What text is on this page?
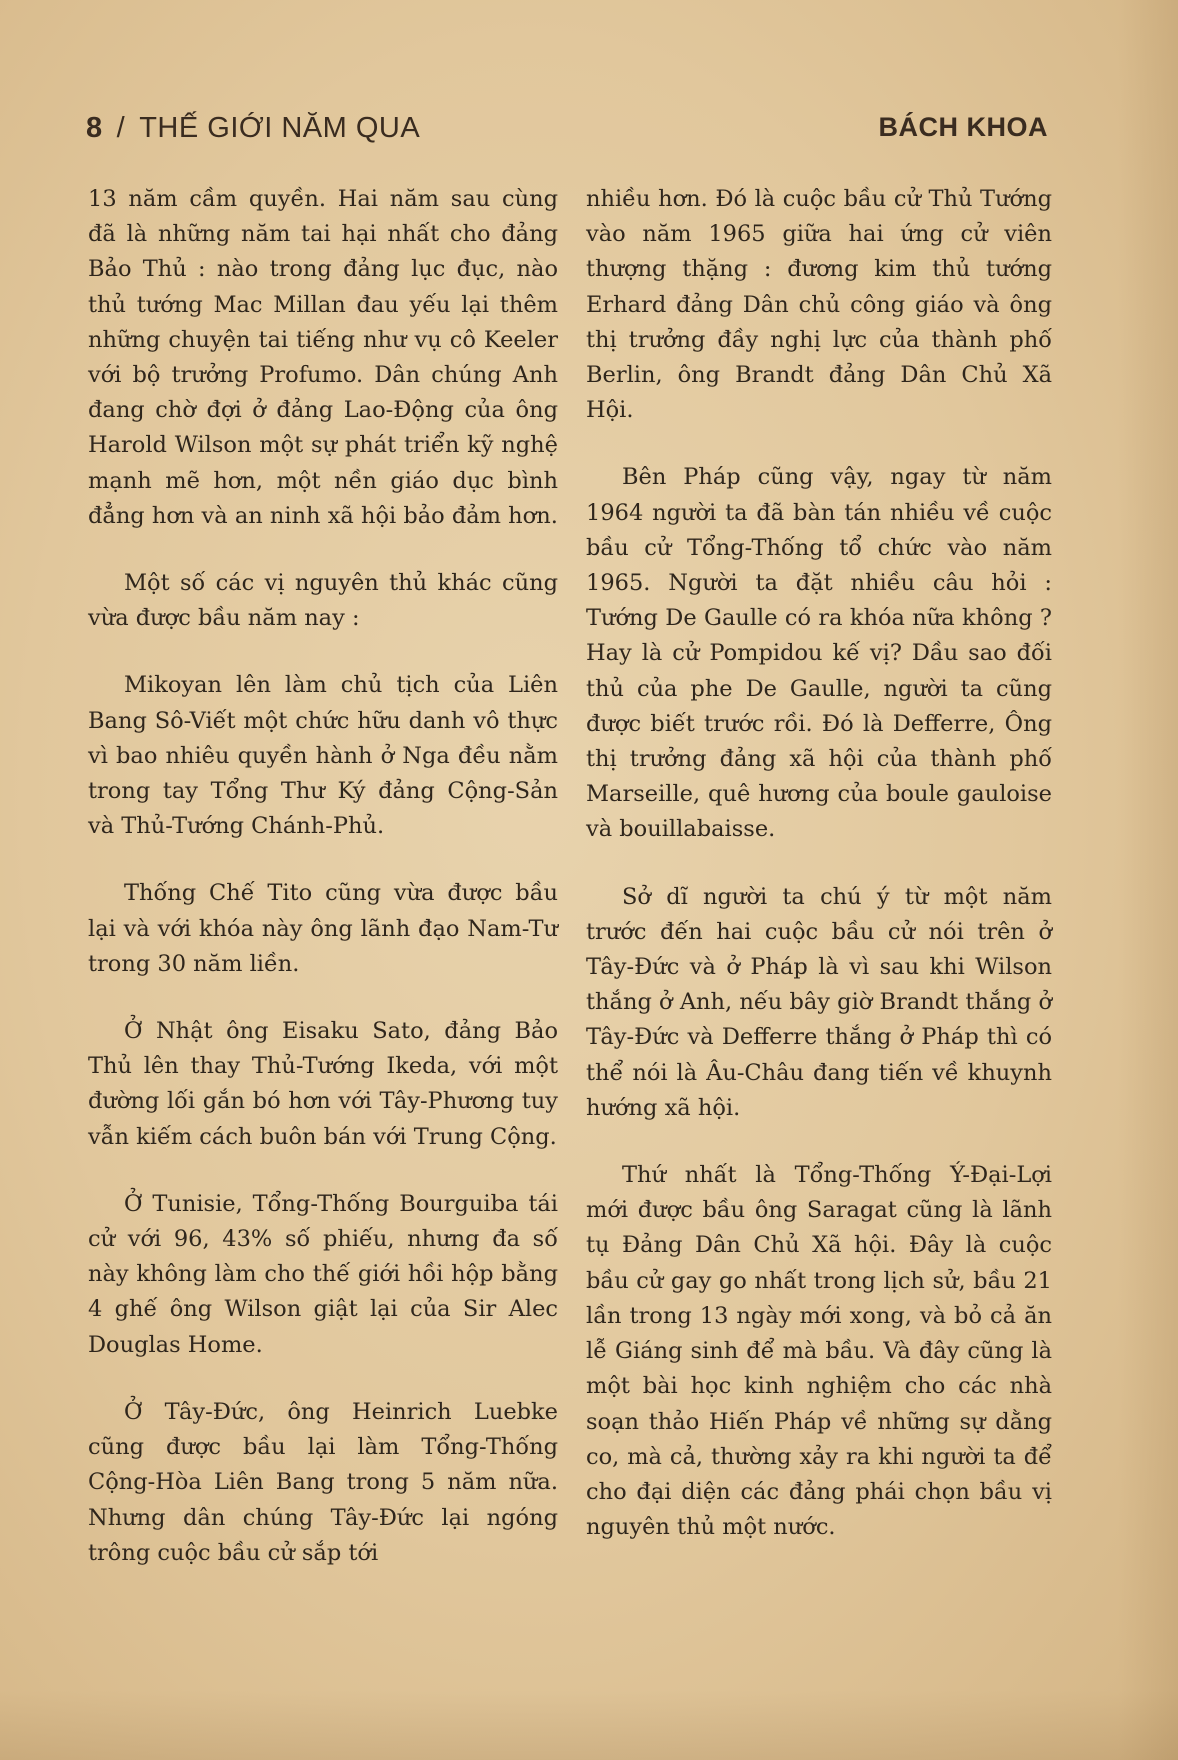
8 / THẾ GIỚI NĂM QUA	BÁCH KHOA

13 năm cầm quyền. Hai năm sau cùng đã là những năm tai hại nhất cho đảng Bảo Thủ : nào trong đảng lục đục, nào thủ tướng Mac Millan đau yếu lại thêm những chuyện tai tiếng như vụ cô Keeler với bộ trưởng Profumo. Dân chúng Anh đang chờ đợi ở đảng Lao-Động của ông Harold Wilson một sự phát triển kỹ nghệ mạnh mẽ hơn, một nền giáo dục bình đẳng hơn và an ninh xã hội bảo đảm hơn.

Một số các vị nguyên thủ khác cũng vừa được bầu năm nay :

Mikoyan lên làm chủ tịch của Liên Bang Sô-Viết một chức hữu danh vô thực vì bao nhiêu quyền hành ở Nga đều nằm trong tay Tổng Thư Ký đảng Cộng-Sản và Thủ-Tướng Chánh-Phủ.

Thống Chế Tito cũng vừa được bầu lại và với khóa này ông lãnh đạo Nam-Tư trong 30 năm liền.

Ở Nhật ông Eisaku Sato, đảng Bảo Thủ lên thay Thủ-Tướng Ikeda, với một đường lối gắn bó hơn với Tây-Phương tuy vẫn kiếm cách buôn bán với Trung Cộng.

Ở Tunisie, Tổng-Thống Bourguiba tái cử với 96, 43% số phiếu, nhưng đa số này không làm cho thế giới hồi hộp bằng 4 ghế ông Wilson giật lại của Sir Alec Douglas Home.

Ở Tây-Đức, ông Heinrich Luebke cũng được bầu lại làm Tổng-Thống Cộng-Hòa Liên Bang trong 5 năm nữa. Nhưng dân chúng Tây-Đức lại ngóng trông cuộc bầu cử sắp tới

nhiều hơn. Đó là cuộc bầu cử Thủ Tướng vào năm 1965 giữa hai ứng cử viên thượng thặng : đương kim thủ tướng Erhard đảng Dân chủ công giáo và ông thị trưởng đầy nghị lực của thành phố Berlin, ông Brandt đảng Dân Chủ Xã Hội.

Bên Pháp cũng vậy, ngay từ năm 1964 người ta đã bàn tán nhiều về cuộc bầu cử Tổng-Thống tổ chức vào năm 1965. Người ta đặt nhiều câu hỏi : Tướng De Gaulle có ra khóa nữa không ? Hay là cử Pompidou kế vị? Dầu sao đối thủ của phe De Gaulle, người ta cũng được biết trước rồi. Đó là Defferre, Ông thị trưởng đảng xã hội của thành phố Marseille, quê hương của boule gauloise và bouillabaisse.

Sở dĩ người ta chú ý từ một năm trước đến hai cuộc bầu cử nói trên ở Tây-Đức và ở Pháp là vì sau khi Wilson thắng ở Anh, nếu bây giờ Brandt thắng ở Tây-Đức và Defferre thắng ở Pháp thì có thể nói là Âu-Châu đang tiến về khuynh hướng xã hội.

Thứ nhất là Tổng-Thống Ý-Đại-Lợi mới được bầu ông Saragat cũng là lãnh tụ Đảng Dân Chủ Xã hội. Đây là cuộc bầu cử gay go nhất trong lịch sử, bầu 21 lần trong 13 ngày mới xong, và bỏ cả ăn lễ Giáng sinh để mà bầu. Và đây cũng là một bài học kinh nghiệm cho các nhà soạn thảo Hiến Pháp về những sự dằng co, mà cả, thường xảy ra khi người ta để cho đại diện các đảng phái chọn bầu vị nguyên thủ một nước.
